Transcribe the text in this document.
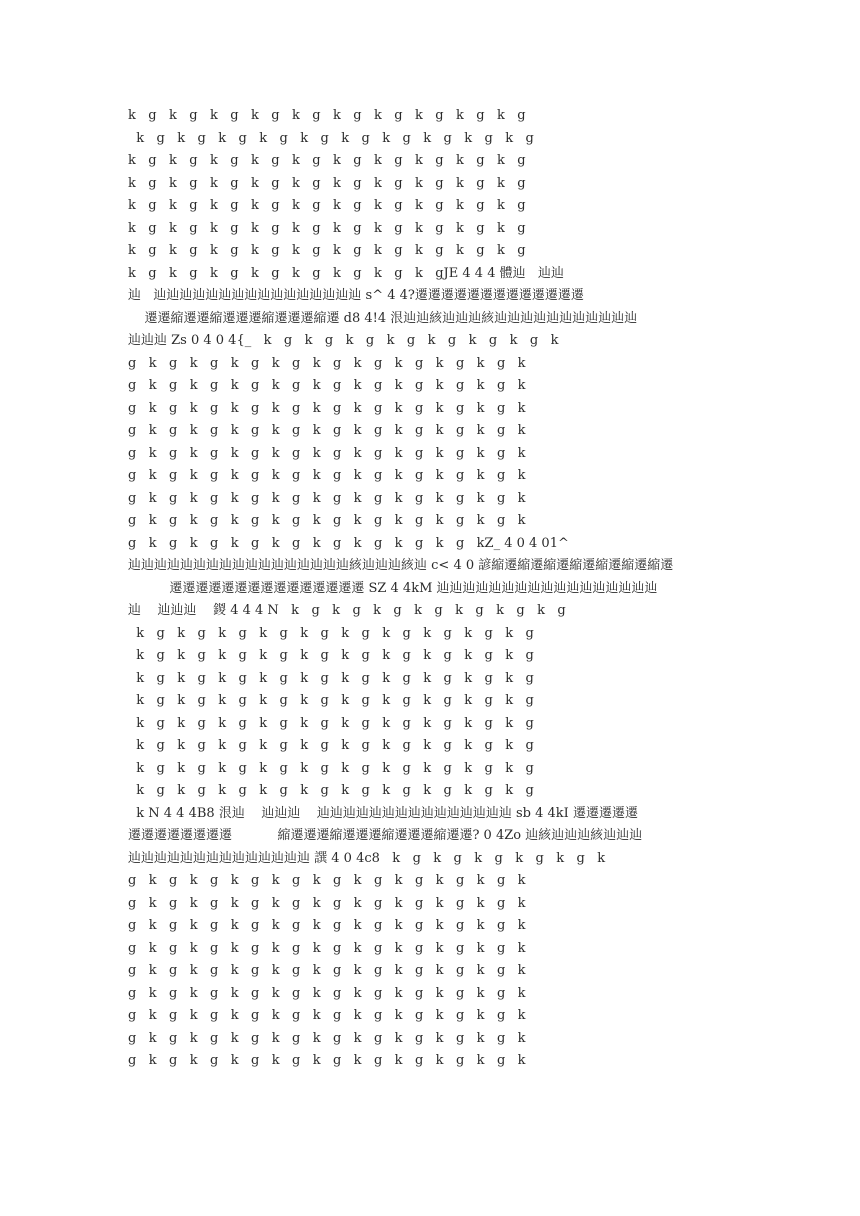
k   g   k   g   k   g   k   g   k   g   k   g   k   g   k   g   k   g   k   g
k   g   k   g   k   g   k   g   k   g   k   g   k   g   k   g   k   g   k   g
k   g   k   g   k   g   k   g   k   g   k   g   k   g   k   g   k   g   k   g
k   g   k   g   k   g   k   g   k   g   k   g   k   g   k   g   k   g   k   g
k   g   k   g   k   g   k   g   k   g   k   g   k   g   k   g   k   g   k   g
k   g   k   g   k   g   k   g   k   g   k   g   k   g   k   g   k   g   k   g
k   g   k   g   k   g   k   g   k   g   k   g   k   g   k   g   k   g   k   g
k   g   k   g   k   g   k   g   k   g   k   g   k   g   k   gJE 4 4 4 體辿   辿辿
辿   辿辿辿辿辿辿辿辿辿辿辿辿辿辿辿辿 s^ 4 4?遷遷遷遷遷遷遷遷遷遷遷遷遷
遷遷縮遷遷縮遷遷遷縮遷遷遷縮遷 d8 4!4 泿辿辿絯辿辿辿絯辿辿辿辿辿辿辿辿辿辿辿
辿辿辿 Zs 0 4 0 4{_   k   g   k   g   k   g   k   g   k   g   k   g   k   g   k
g   k   g   k   g   k   g   k   g   k   g   k   g   k   g   k   g   k   g   k
g   k   g   k   g   k   g   k   g   k   g   k   g   k   g   k   g   k   g   k
g   k   g   k   g   k   g   k   g   k   g   k   g   k   g   k   g   k   g   k
g   k   g   k   g   k   g   k   g   k   g   k   g   k   g   k   g   k   g   k
g   k   g   k   g   k   g   k   g   k   g   k   g   k   g   k   g   k   g   k
g   k   g   k   g   k   g   k   g   k   g   k   g   k   g   k   g   k   g   k
g   k   g   k   g   k   g   k   g   k   g   k   g   k   g   k   g   k   g   k
g   k   g   k   g   k   g   k   g   k   g   k   g   k   g   k   g   k   g   k
g   k   g   k   g   k   g   k   g   k   g   k   g   k   g   k   g   kZ_ 4 0 4 01^
辿辿辿辿辿辿辿辿辿辿辿辿辿辿辿辿辿絯辿辿辿絯辿 c< 4 0 諺縮遷縮遷縮遷縮遷縮遷縮遷縮遷
遷遷遷遷遷遷遷遷遷遷遷遷遷遷遷 SZ 4 4kM 辿辿辿辿辿辿辿辿辿辿辿辿辿辿辿辿辿
辿    辿辿辿    鍐 4 4 4 N   k   g   k   g   k   g   k   g   k   g   k   g   k   g
k   g   k   g   k   g   k   g   k   g   k   g   k   g   k   g   k   g   k   g
k   g   k   g   k   g   k   g   k   g   k   g   k   g   k   g   k   g   k   g
k   g   k   g   k   g   k   g   k   g   k   g   k   g   k   g   k   g   k   g
k   g   k   g   k   g   k   g   k   g   k   g   k   g   k   g   k   g   k   g
k   g   k   g   k   g   k   g   k   g   k   g   k   g   k   g   k   g   k   g
k   g   k   g   k   g   k   g   k   g   k   g   k   g   k   g   k   g   k   g
k   g   k   g   k   g   k   g   k   g   k   g   k   g   k   g   k   g   k   g
k   g   k   g   k   g   k   g   k   g   k   g   k   g   k   g   k   g   k   g
k N 4 4 4B8 泿辿    辿辿辿    辿辿辿辿辿辿辿辿辿辿辿辿辿辿辿 sb 4 4kI 遷遷遷遷遷
遷遷遷遷遷遷遷遷           縮遷遷遷縮遷遷遷縮遷遷遷縮遷遷? 0 4Zo 辿絯辿辿辿絯辿辿辿
辿辿辿辿辿辿辿辿辿辿辿辿辿辿 譔 4 0 4c8   k   g   k   g   k   g   k   g   k   g   k
g   k   g   k   g   k   g   k   g   k   g   k   g   k   g   k   g   k   g   k
g   k   g   k   g   k   g   k   g   k   g   k   g   k   g   k   g   k   g   k
g   k   g   k   g   k   g   k   g   k   g   k   g   k   g   k   g   k   g   k
g   k   g   k   g   k   g   k   g   k   g   k   g   k   g   k   g   k   g   k
g   k   g   k   g   k   g   k   g   k   g   k   g   k   g   k   g   k   g   k
g   k   g   k   g   k   g   k   g   k   g   k   g   k   g   k   g   k   g   k
g   k   g   k   g   k   g   k   g   k   g   k   g   k   g   k   g   k   g   k
g   k   g   k   g   k   g   k   g   k   g   k   g   k   g   k   g   k   g   k
g   k   g   k   g   k   g   k   g   k   g   k   g   k   g   k   g   k   g   k
